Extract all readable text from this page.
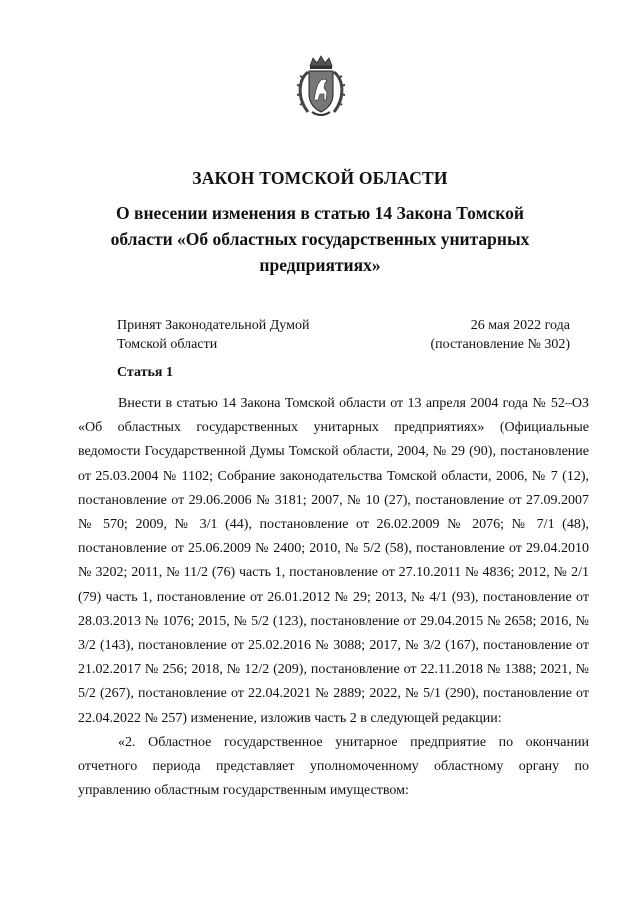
ЗАКОН ТОМСКОЙ ОБЛАСТИ
О внесении изменения в статью 14 Закона Томской области «Об областных государственных унитарных предприятиях»
Принят Законодательной Думой
Томской области
26 мая 2022 года
(постановление № 302)
Статья 1

Внести в статью 14 Закона Томской области от 13 апреля 2004 года № 52–ОЗ «Об областных государственных унитарных предприятиях» (Официальные ведомости Государственной Думы Томской области, 2004, № 29 (90), постановление от 25.03.2004 № 1102; Собрание законодательства Томской области, 2006, № 7 (12), постановление от 29.06.2006 № 3181; 2007, № 10 (27), постановление от 27.09.2007 № 570; 2009, № 3/1 (44), постановление от 26.02.2009 № 2076; № 7/1 (48), постановление от 25.06.2009 № 2400; 2010, № 5/2 (58), постановление от 29.04.2010 № 3202; 2011, № 11/2 (76) часть 1, постановление от 27.10.2011 № 4836; 2012, № 2/1 (79) часть 1, постановление от 26.01.2012 № 29; 2013, № 4/1 (93), постановление от 28.03.2013 № 1076; 2015, № 5/2 (123), постановление от 29.04.2015 № 2658; 2016, № 3/2 (143), постановление от 25.02.2016 № 3088; 2017, № 3/2 (167), постановление от 21.02.2017 № 256; 2018, № 12/2 (209), постановление от 22.11.2018 № 1388; 2021, № 5/2 (267), постановление от 22.04.2021 № 2889; 2022, № 5/1 (290), постановление от 22.04.2022 № 257) изменение, изложив часть 2 в следующей редакции:

«2. Областное государственное унитарное предприятие по окончании отчетного периода представляет уполномоченному областному органу по управлению областным государственным имуществом:
